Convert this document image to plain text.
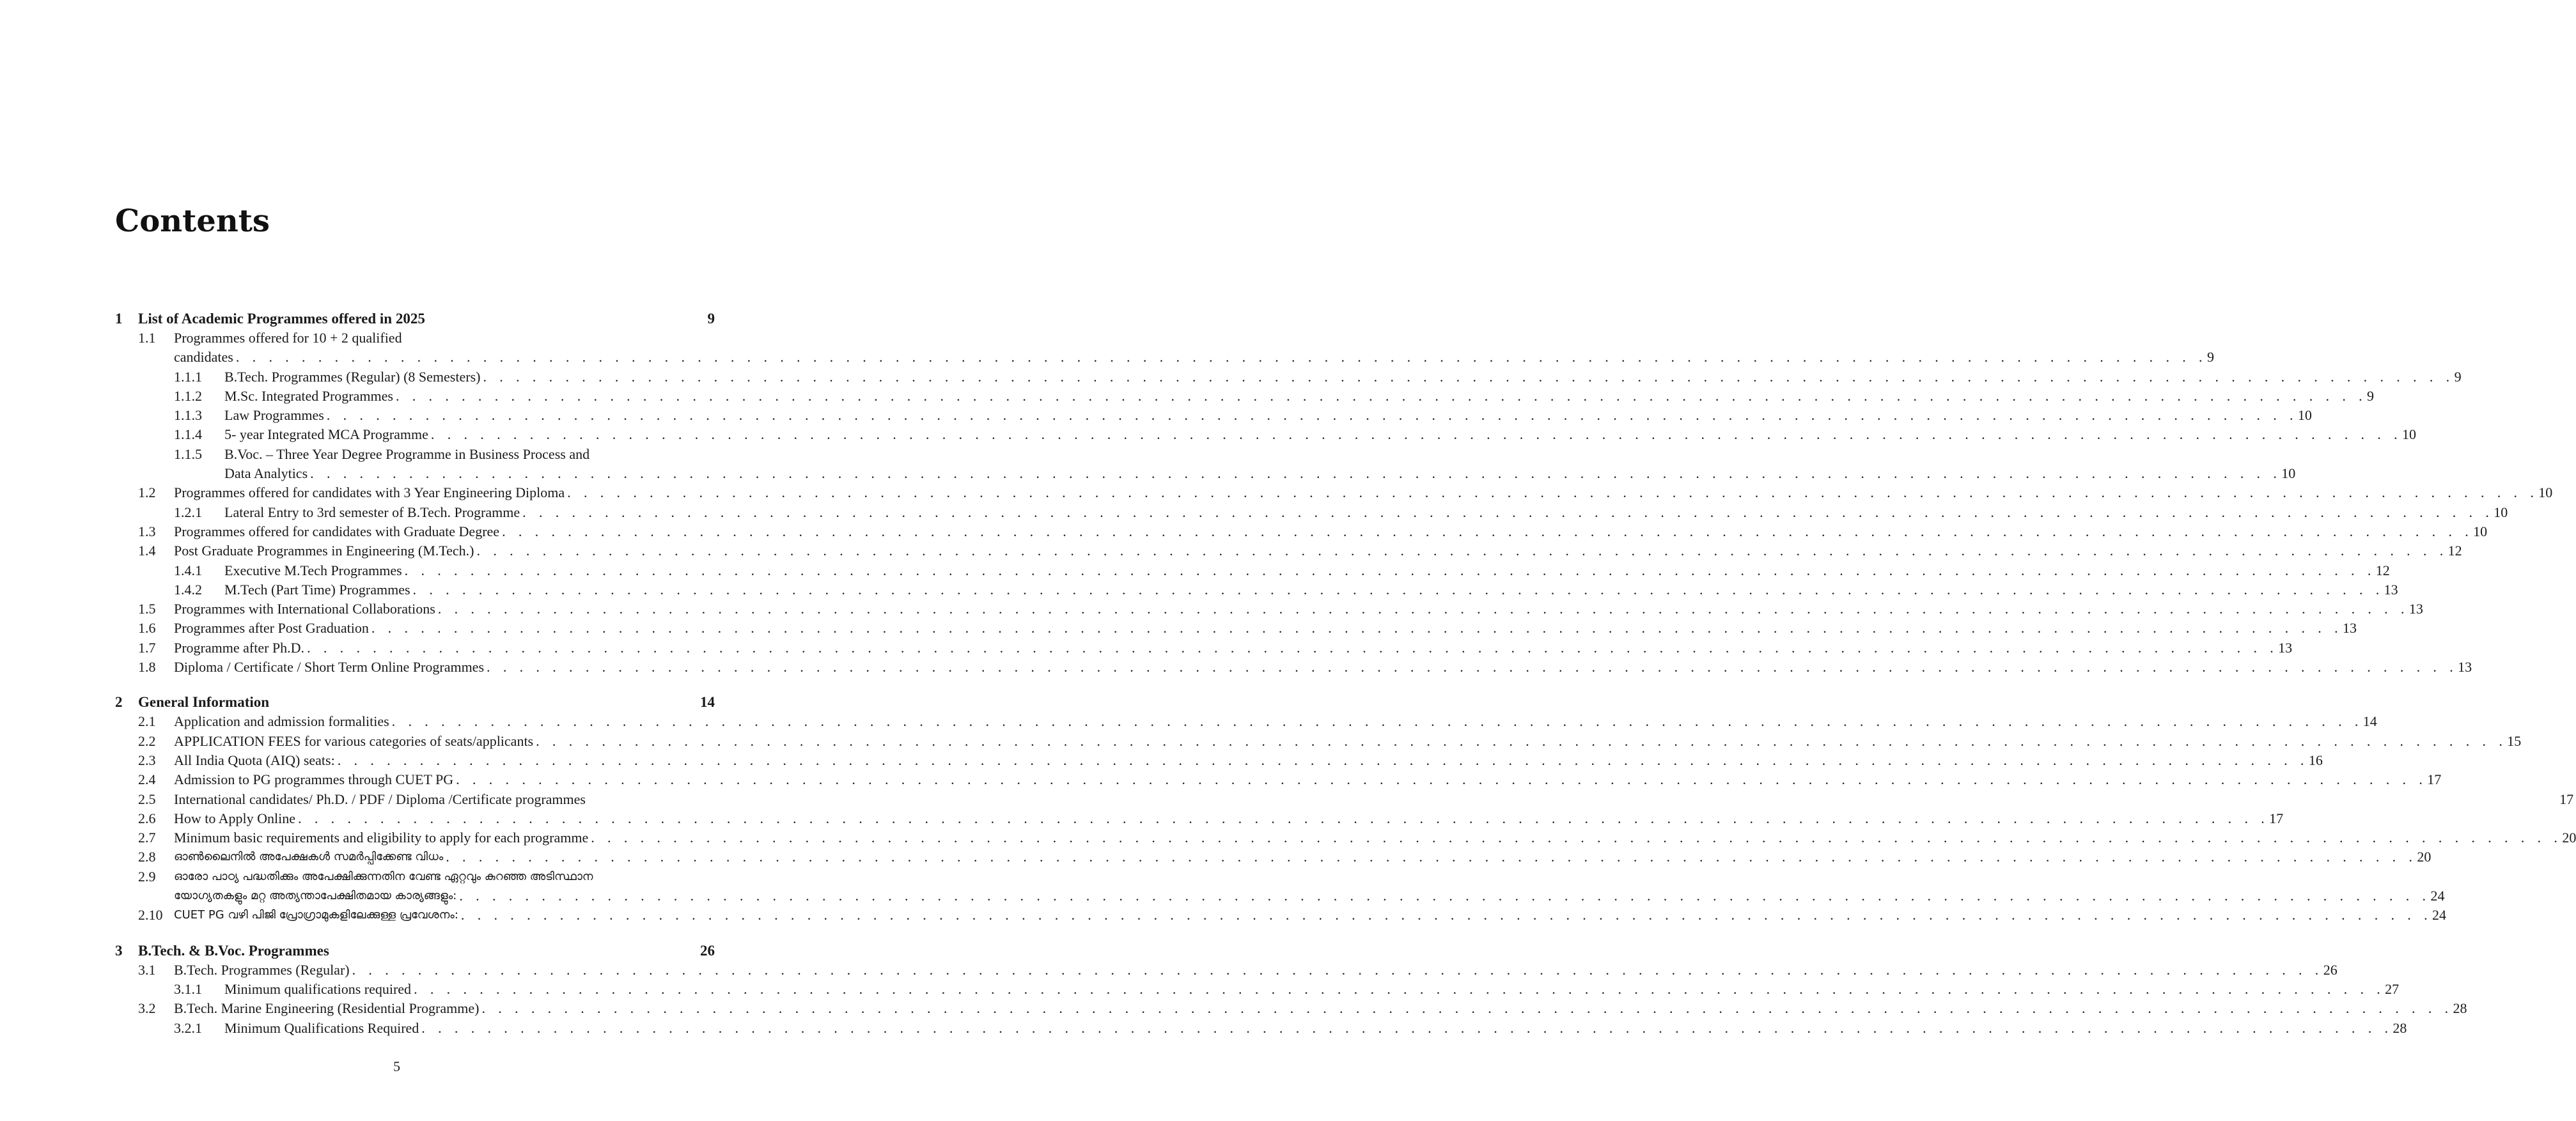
Contents
1 List of Academic Programmes offered in 2025	9
1.1 Programmes offered for 10 + 2 qualified
candidates . . . . . . . . . . . . . . . . . . . . . . . . . . . . . . . . . . . . . . . . . . . . . . . . . . . . . . . . . . . . . . . . . . . . . . . . . . . . . . . . . . . . . . . . . . . . . . . . . . . . . . . . . . . . . . . . . . . . . . . . 9
1.1.1 B.Tech. Programmes (Regular) (8 Semesters) . . . . . . . . . . . . . . . . . . . . . . . . . . . . . . . . . . . . . . . . . . . . . . . . . . . . . . . . . . . . . . . . . . . . . . . . . . . . . . . . . . . . . . . . . . . . . . . . . . . . . . . . . . . . . . . . . . . . . . . . 9
1.1.2 M.Sc. Integrated Programmes . . . . . . . . . . . . . . . . . . . . . . . . . . . . . . . . . . . . . . . . . . . . . . . . . . . . . . . . . . . . . . . . . . . . . . . . . . . . . . . . . . . . . . . . . . . . . . . . . . . . . . . . . . . . . . . . . . . . . . . . 9
1.1.3 Law Programmes . . . . . . . . . . . . . . . . . . . . . . . . . . . . . . . . . . . . . . . . . . . . . . . . . . . . . . . . . . . . . . . . . . . . . . . . . . . . . . . . . . . . . . . . . . . . . . . . . . . . . . . . . . . . . . . . . . . . . . . . 10
1.1.4 5- year Integrated MCA Programme . . . . . . . . . . . . . . . . . . . . . . . . . . . . . . . . . . . . . . . . . . . . . . . . . . . . . . . . . . . . . . . . . . . . . . . . . . . . . . . . . . . . . . . . . . . . . . . . . . . . . . . . . . . . . . . . . . . . . . . . 10
1.1.5 B.Voc. – Three Year Degree Programme in Business Process and
Data Analytics . . . . . . . . . . . . . . . . . . . . . . . . . . . . . . . . . . . . . . . . . . . . . . . . . . . . . . . . . . . . . . . . . . . . . . . . . . . . . . . . . . . . . . . . . . . . . . . . . . . . . . . . . . . . . . . . . . . . . . . . 10
1.2 Programmes offered for candidates with 3 Year Engineering Diploma . . . . . . . . . . . . . . . . . . . . . . . . . . . . . . . . . . . . . . . . . . . . . . . . . . . . . . . . . . . . . . . . . . . . . . . . . . . . . . . . . . . . . . . . . . . . . . . . . . . . . . . . . . . . . . . . . . . . . . . . 10
1.2.1 Lateral Entry to 3rd semester of B.Tech. Programme . . . . . . . . . . . . . . . . . . . . . . . . . . . . . . . . . . . . . . . . . . . . . . . . . . . . . . . . . . . . . . . . . . . . . . . . . . . . . . . . . . . . . . . . . . . . . . . . . . . . . . . . . . . . . . . . . . . . . . . . 10
1.3 Programmes offered for candidates with Graduate Degree . . . . . . . . . . . . . . . . . . . . . . . . . . . . . . . . . . . . . . . . . . . . . . . . . . . . . . . . . . . . . . . . . . . . . . . . . . . . . . . . . . . . . . . . . . . . . . . . . . . . . . . . . . . . . . . . . . . . . . . . 10
1.4 Post Graduate Programmes in Engineering (M.Tech.) . . . . . . . . . . . . . . . . . . . . . . . . . . . . . . . . . . . . . . . . . . . . . . . . . . . . . . . . . . . . . . . . . . . . . . . . . . . . . . . . . . . . . . . . . . . . . . . . . . . . . . . . . . . . . . . . . . . . . . . . 12
1.4.1 Executive M.Tech Programmes . . . . . . . . . . . . . . . . . . . . . . . . . . . . . . . . . . . . . . . . . . . . . . . . . . . . . . . . . . . . . . . . . . . . . . . . . . . . . . . . . . . . . . . . . . . . . . . . . . . . . . . . . . . . . . . . . . . . . . . . 12
1.4.2 M.Tech (Part Time) Programmes . . . . . . . . . . . . . . . . . . . . . . . . . . . . . . . . . . . . . . . . . . . . . . . . . . . . . . . . . . . . . . . . . . . . . . . . . . . . . . . . . . . . . . . . . . . . . . . . . . . . . . . . . . . . . . . . . . . . . . . . 13
1.5 Programmes with International Collaborations . . . . . . . . . . . . . . . . . . . . . . . . . . . . . . . . . . . . . . . . . . . . . . . . . . . . . . . . . . . . . . . . . . . . . . . . . . . . . . . . . . . . . . . . . . . . . . . . . . . . . . . . . . . . . . . . . . . . . . . . 13
1.6 Programmes after Post Graduation . . . . . . . . . . . . . . . . . . . . . . . . . . . . . . . . . . . . . . . . . . . . . . . . . . . . . . . . . . . . . . . . . . . . . . . . . . . . . . . . . . . . . . . . . . . . . . . . . . . . . . . . . . . . . . . . . . . . . . . . 13
1.7 Programme after Ph.D. . . . . . . . . . . . . . . . . . . . . . . . . . . . . . . . . . . . . . . . . . . . . . . . . . . . . . . . . . . . . . . . . . . . . . . . . . . . . . . . . . . . . . . . . . . . . . . . . . . . . . . . . . . . . . . . . . . . . . . . . 13
1.8 Diploma / Certificate / Short Term Online Programmes . . . . . . . . . . . . . . . . . . . . . . . . . . . . . . . . . . . . . . . . . . . . . . . . . . . . . . . . . . . . . . . . . . . . . . . . . . . . . . . . . . . . . . . . . . . . . . . . . . . . . . . . . . . . . . . . . . . . . . . . 13
2 General Information	14
2.1 Application and admission formalities . . . . . . . . . . . . . . . . . . . . . . . . . . . . . . . . . . . . . . . . . . . . . . . . . . . . . . . . . . . . . . . . . . . . . . . . . . . . . . . . . . . . . . . . . . . . . . . . . . . . . . . . . . . . . . . . . . . . . . . . 14
2.2 APPLICATION FEES for various categories of seats/applicants . . . . . . . . . . . . . . . . . . . . . . . . . . . . . . . . . . . . . . . . . . . . . . . . . . . . . . . . . . . . . . . . . . . . . . . . . . . . . . . . . . . . . . . . . . . . . . . . . . . . . . . . . . . . . . . . . . . . . . . . 15
2.3 All India Quota (AIQ) seats: . . . . . . . . . . . . . . . . . . . . . . . . . . . . . . . . . . . . . . . . . . . . . . . . . . . . . . . . . . . . . . . . . . . . . . . . . . . . . . . . . . . . . . . . . . . . . . . . . . . . . . . . . . . . . . . . . . . . . . . . 16
2.4 Admission to PG programmes through CUET PG . . . . . . . . . . . . . . . . . . . . . . . . . . . . . . . . . . . . . . . . . . . . . . . . . . . . . . . . . . . . . . . . . . . . . . . . . . . . . . . . . . . . . . . . . . . . . . . . . . . . . . . . . . . . . . . . . . . . . . . . 17
2.5 International candidates/ Ph.D. / PDF / Diploma /Certificate programmes	17
2.6 How to Apply Online . . . . . . . . . . . . . . . . . . . . . . . . . . . . . . . . . . . . . . . . . . . . . . . . . . . . . . . . . . . . . . . . . . . . . . . . . . . . . . . . . . . . . . . . . . . . . . . . . . . . . . . . . . . . . . . . . . . . . . . . 17
2.7 Minimum basic requirements and eligibility to apply for each programme . . . . . . . . . . . . . . . . . . . . . . . . . . . . . . . . . . . . . . . . . . . . . . . . . . . . . . . . . . . . . . . . . . . . . . . . . . . . . . . . . . . . . . . . . . . . . . . . . . . . . . . . . . . . . . . . . . . . . . . . 20
2.8 ഓൺലൈനിൽ അപേക്ഷകൾ സമർപ്പിക്കേണ്ട വിധം . . . . . . . . . . . . . . . . . . . . . . . . . . . . . . . . . . . . . . . . . . . . . . . . . . . . . . . . . . . . . . . . . . . . . . . . . . . . . . . . . . . . . . . . . . . . . . . . . . . . . . . . . . . . . . . . . . . . . . . . 20
2.9 ഓരോ പാഠ്യ പദ്ധതിക്കും അപേക്ഷിക്കുന്നതിന വേണ്ട ഏറ്റവും കുറഞ്ഞ അടിസ്ഥാന
യോഗ്യതകളും മറ്റ അത്യന്താപേക്ഷിതമായ കാര്യങ്ങളും: . . . . . . . . . . . . . . . . . . . . . . . . . . . . . . . . . . . . . . . . . . . . . . . . . . . . . . . . . . . . . . . . . . . . . . . . . . . . . . . . . . . . . . . . . . . . . . . . . . . . . . . . . . . . . . . . . . . . . . . . 24
2.10 CUET PG വഴി പിജി പ്രോഗ്രാമുകളിലേക്കുള്ള പ്രവേശനം: . . . . . . . . . . . . . . . . . . . . . . . . . . . . . . . . . . . . . . . . . . . . . . . . . . . . . . . . . . . . . . . . . . . . . . . . . . . . . . . . . . . . . . . . . . . . . . . . . . . . . . . . . . . . . . . . . . . . . . . . 24
3 B.Tech. & B.Voc. Programmes	26
3.1 B.Tech. Programmes (Regular) . . . . . . . . . . . . . . . . . . . . . . . . . . . . . . . . . . . . . . . . . . . . . . . . . . . . . . . . . . . . . . . . . . . . . . . . . . . . . . . . . . . . . . . . . . . . . . . . . . . . . . . . . . . . . . . . . . . . . . . . 26
3.1.1 Minimum qualifications required . . . . . . . . . . . . . . . . . . . . . . . . . . . . . . . . . . . . . . . . . . . . . . . . . . . . . . . . . . . . . . . . . . . . . . . . . . . . . . . . . . . . . . . . . . . . . . . . . . . . . . . . . . . . . . . . . . . . . . . . 27
3.2 B.Tech. Marine Engineering (Residential Programme) . . . . . . . . . . . . . . . . . . . . . . . . . . . . . . . . . . . . . . . . . . . . . . . . . . . . . . . . . . . . . . . . . . . . . . . . . . . . . . . . . . . . . . . . . . . . . . . . . . . . . . . . . . . . . . . . . . . . . . . . 28
3.2.1 Minimum Qualifications Required . . . . . . . . . . . . . . . . . . . . . . . . . . . . . . . . . . . . . . . . . . . . . . . . . . . . . . . . . . . . . . . . . . . . . . . . . . . . . . . . . . . . . . . . . . . . . . . . . . . . . . . . . . . . . . . . . . . . . . . . 28
5
